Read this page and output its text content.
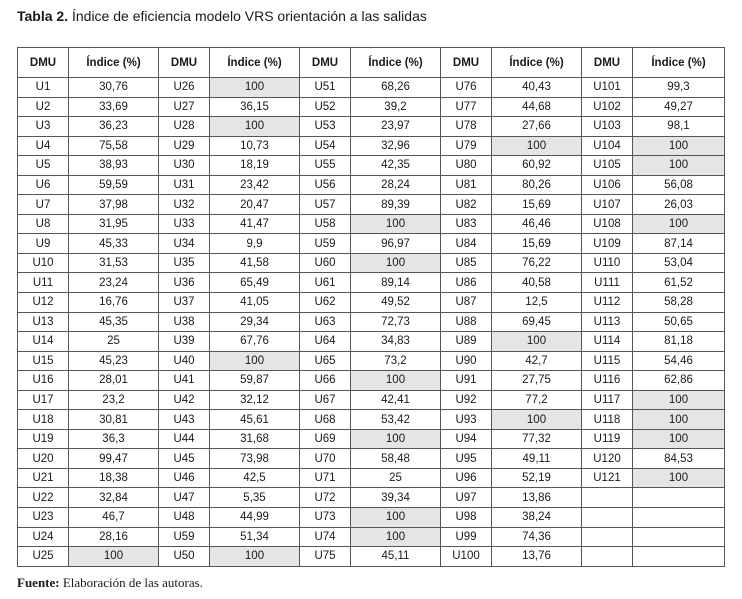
Tabla 2. Índice de eficiencia modelo VRS orientación a las salidas
DMU	Índice (%)	DMU	Índice (%)	DMU	Índice (%)	DMU	Índice (%)	DMU	Índice (%)
U1	30,76	U26	100	U51	68,26	U76	40,43	U101	99,3
U2	33,69	U27	36,15	U52	39,2	U77	44,68	U102	49,27
U3	36,23	U28	100	U53	23,97	U78	27,66	U103	98,1
U4	75,58	U29	10,73	U54	32,96	U79	100	U104	100
U5	38,93	U30	18,19	U55	42,35	U80	60,92	U105	100
U6	59,59	U31	23,42	U56	28,24	U81	80,26	U106	56,08
U7	37,98	U32	20,47	U57	89,39	U82	15,69	U107	26,03
U8	31,95	U33	41,47	U58	100	U83	46,46	U108	100
U9	45,33	U34	9,9	U59	96,97	U84	15,69	U109	87,14
U10	31,53	U35	41,58	U60	100	U85	76,22	U110	53,04
U11	23,24	U36	65,49	U61	89,14	U86	40,58	U111	61,52
U12	16,76	U37	41,05	U62	49,52	U87	12,5	U112	58,28
U13	45,35	U38	29,34	U63	72,73	U88	69,45	U113	50,65
U14	25	U39	67,76	U64	34,83	U89	100	U114	81,18
U15	45,23	U40	100	U65	73,2	U90	42,7	U115	54,46
U16	28,01	U41	59,87	U66	100	U91	27,75	U116	62,86
U17	23,2	U42	32,12	U67	42,41	U92	77,2	U117	100
U18	30,81	U43	45,61	U68	53,42	U93	100	U118	100
U19	36,3	U44	31,68	U69	100	U94	77,32	U119	100
U20	99,47	U45	73,98	U70	58,48	U95	49,11	U120	84,53
U21	18,38	U46	42,5	U71	25	U96	52,19	U121	100
U22	32,84	U47	5,35	U72	39,34	U97	13,86		
U23	46,7	U48	44,99	U73	100	U98	38,24		
U24	28,16	U59	51,34	U74	100	U99	74,36		
U25	100	U50	100	U75	45,11	U100	13,76		
Fuente: Elaboración de las autoras.
